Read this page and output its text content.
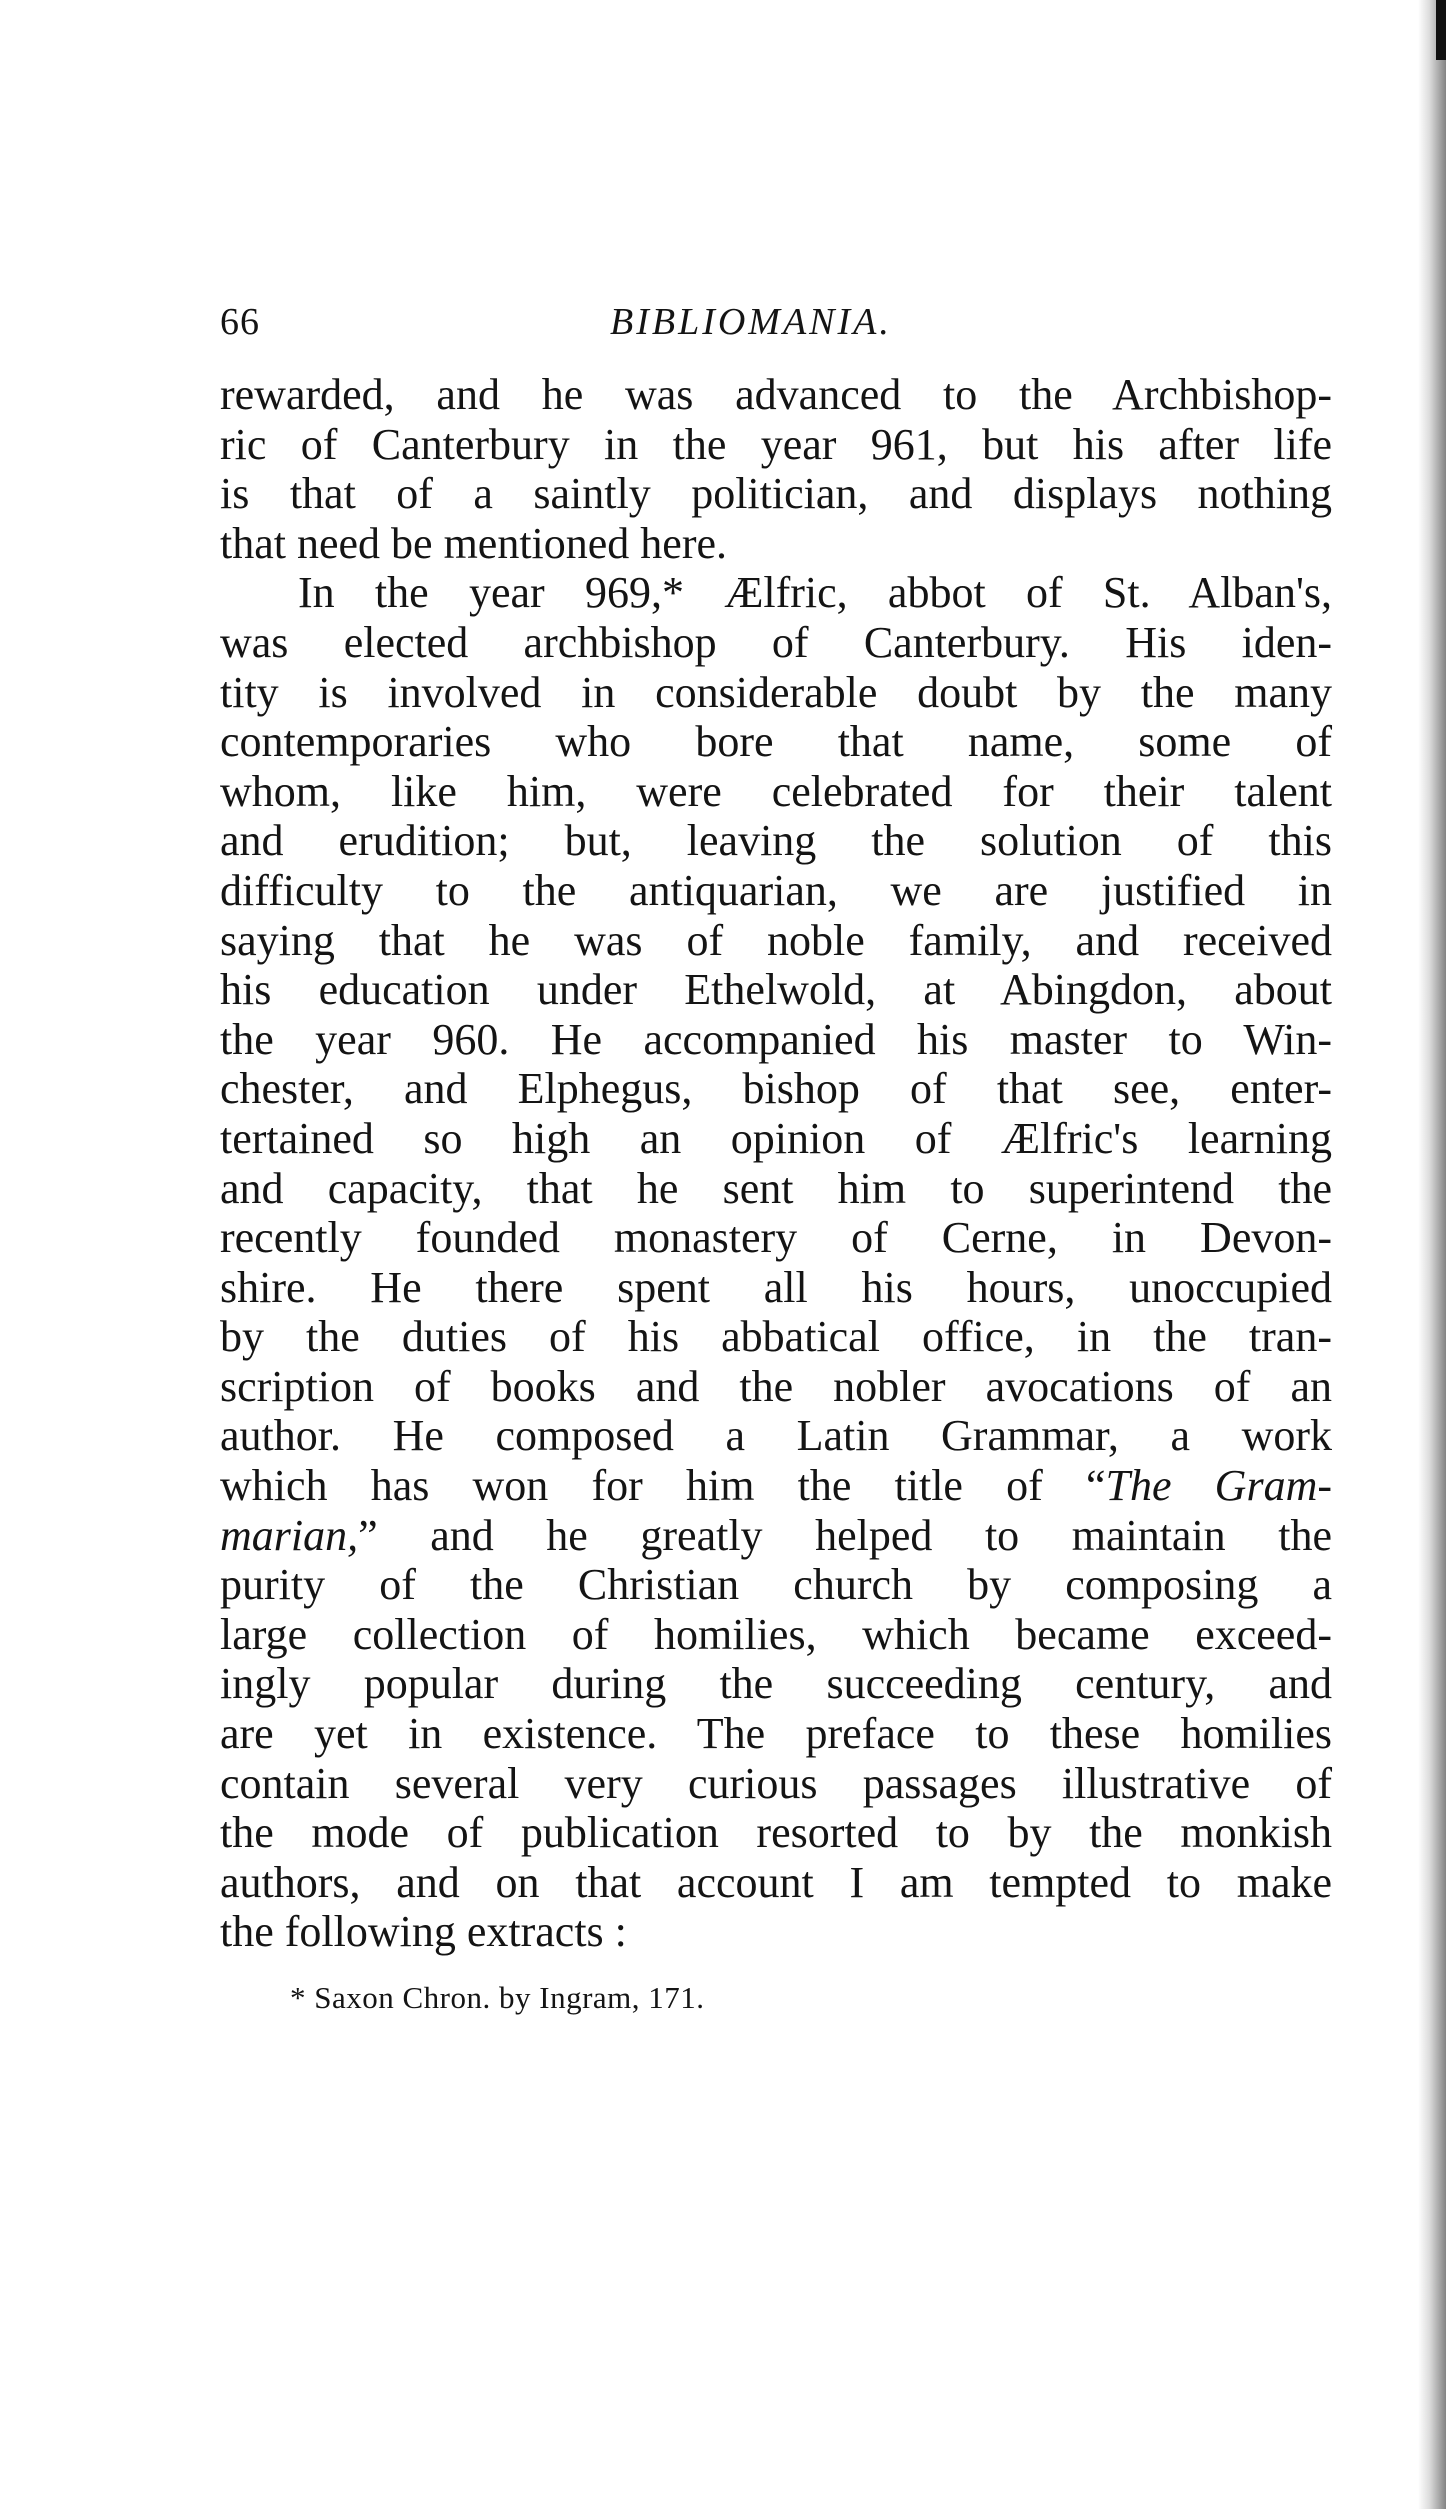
66	BIBLIOMANIA.
rewarded, and he was advanced to the Archbishop-
ric of Canterbury in the year 961, but his after life
is that of a saintly politician, and displays nothing
that need be mentioned here.
In the year 969,* Ælfric, abbot of St. Alban's,
was elected archbishop of Canterbury. His iden-
tity is involved in considerable doubt by the many
contemporaries who bore that name, some of
whom, like him, were celebrated for their talent
and erudition; but, leaving the solution of this
difficulty to the antiquarian, we are justified in
saying that he was of noble family, and received
his education under Ethelwold, at Abingdon, about
the year 960. He accompanied his master to Win-
chester, and Elphegus, bishop of that see, enter-
tertained so high an opinion of Ælfric's learning
and capacity, that he sent him to superintend the
recently founded monastery of Cerne, in Devon-
shire. He there spent all his hours, unoccupied
by the duties of his abbatical office, in the tran-
scription of books and the nobler avocations of an
author. He composed a Latin Grammar, a work
which has won for him the title of “The Gram-
marian,” and he greatly helped to maintain the
purity of the Christian church by composing a
large collection of homilies, which became exceed-
ingly popular during the succeeding century, and
are yet in existence. The preface to these homilies
contain several very curious passages illustrative of
the mode of publication resorted to by the monkish
authors, and on that account I am tempted to make
the following extracts :
* Saxon Chron. by Ingram, 171.
